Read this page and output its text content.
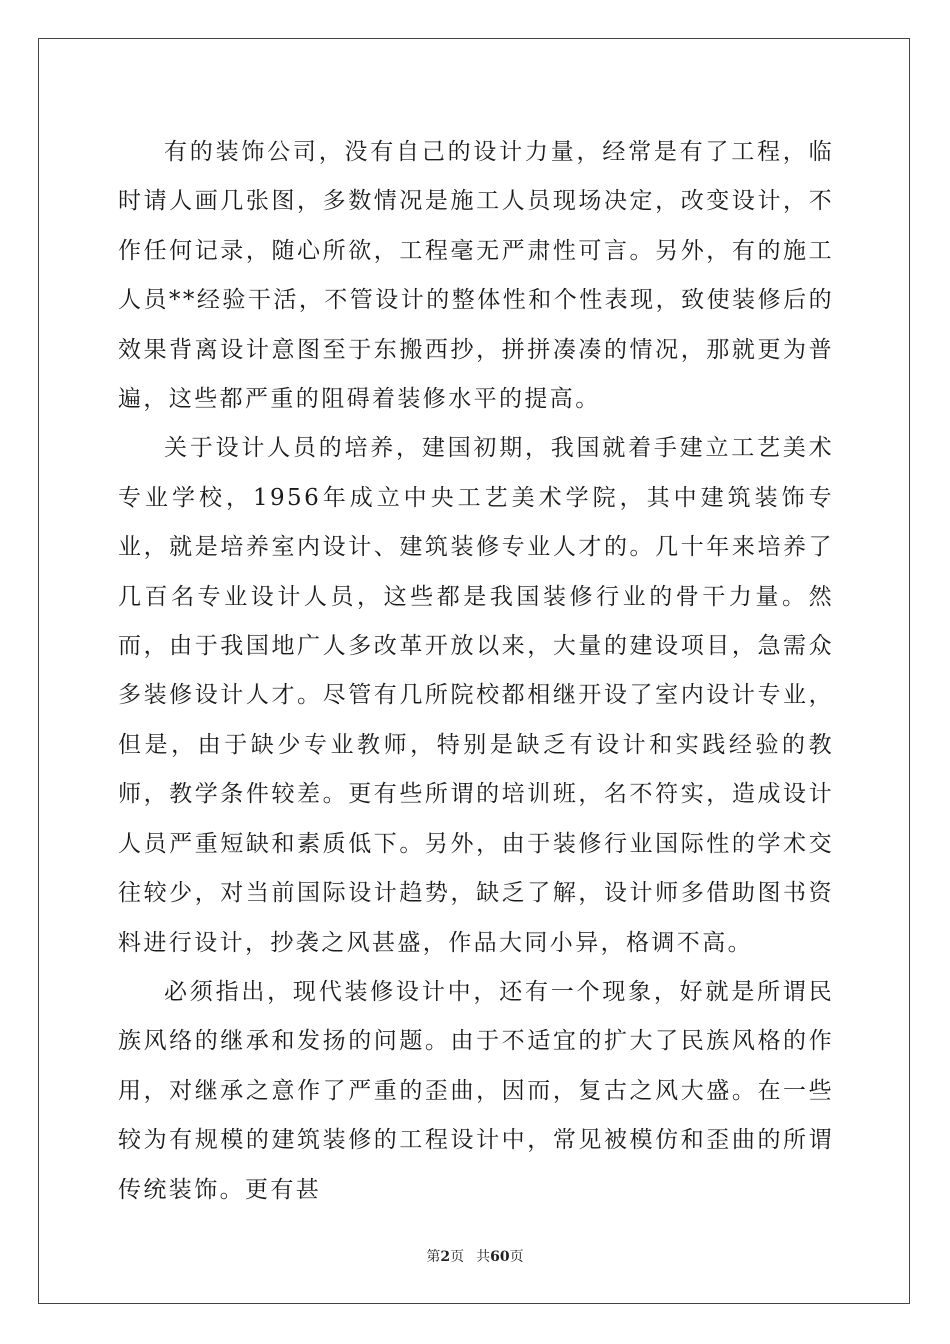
有的装饰公司，没有自己的设计力量，经常是有了工程，临时请人画几张图，多数情况是施工人员现场决定，改变设计，不作任何记录，随心所欲，工程毫无严肃性可言。另外，有的施工人员**经验干活，不管设计的整体性和个性表现，致使装修后的效果背离设计意图至于东搬西抄，拼拼凑凑的情况，那就更为普遍，这些都严重的阻碍着装修水平的提高。

关于设计人员的培养，建国初期，我国就着手建立工艺美术专业学校，1956年成立中央工艺美术学院，其中建筑装饰专业，就是培养室内设计、建筑装修专业人才的。几十年来培养了几百名专业设计人员，这些都是我国装修行业的骨干力量。然而，由于我国地广人多改革开放以来，大量的建设项目，急需众多装修设计人才。尽管有几所院校都相继开设了室内设计专业，但是，由于缺少专业教师，特别是缺乏有设计和实践经验的教师，教学条件较差。更有些所谓的培训班，名不符实，造成设计人员严重短缺和素质低下。另外，由于装修行业国际性的学术交往较少，对当前国际设计趋势，缺乏了解，设计师多借助图书资料进行设计，抄袭之风甚盛，作品大同小异，格调不高。

必须指出，现代装修设计中，还有一个现象，好就是所谓民族风络的继承和发扬的问题。由于不适宜的扩大了民族风格的作用，对继承之意作了严重的歪曲，因而，复古之风大盛。在一些较为有规模的建筑装修的工程设计中，常见被模仿和歪曲的所谓传统装饰。更有甚

第2页 共60页
